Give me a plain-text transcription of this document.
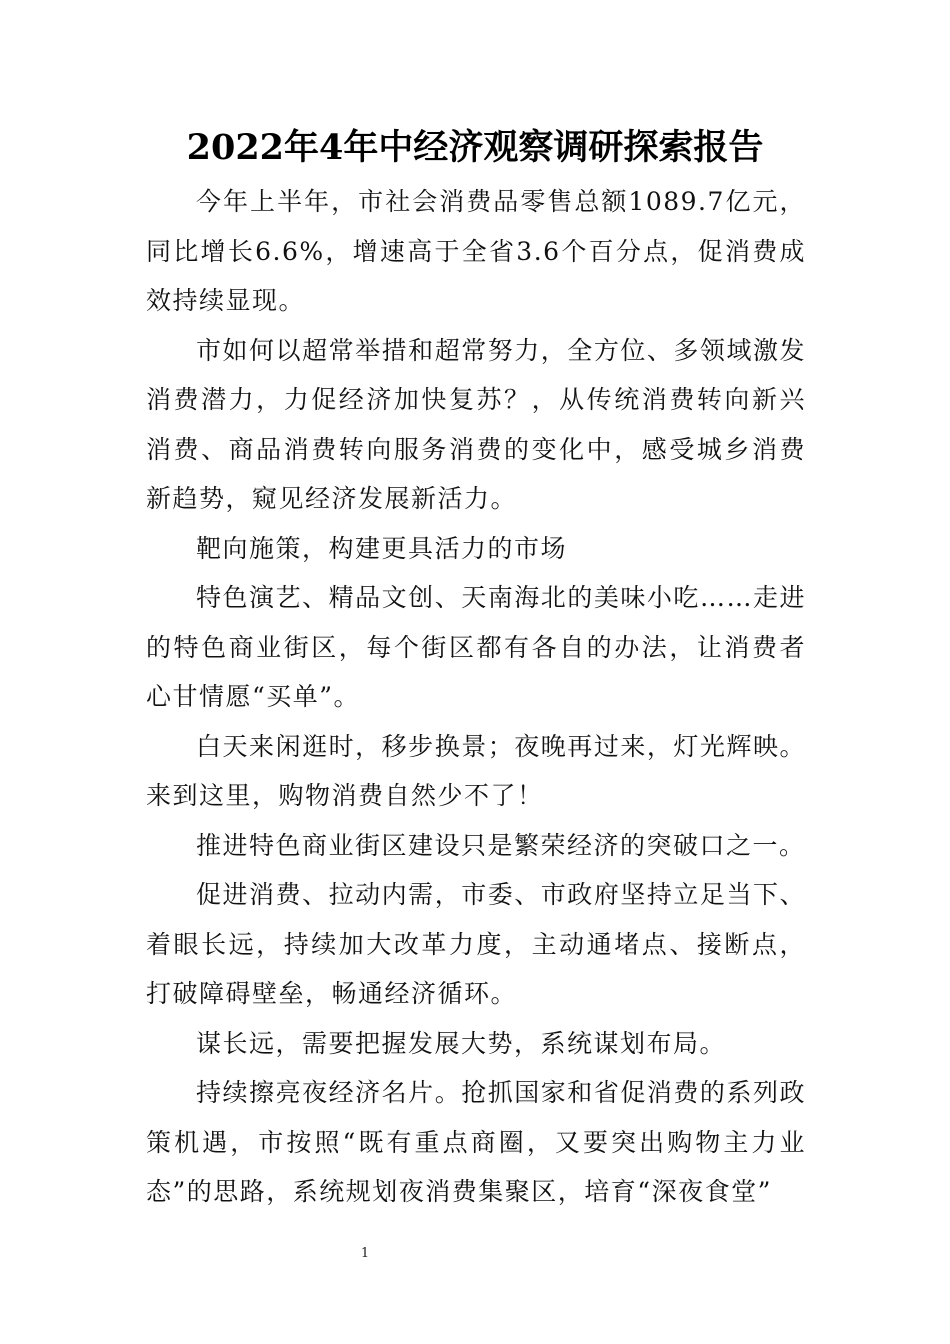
2022年4年中经济观察调研探索报告

今年上半年，市社会消费品零售总额1089.7亿元，同比增长6.6%，增速高于全省3.6个百分点，促消费成效持续显现。

市如何以超常举措和超常努力，全方位、多领域激发消费潜力，力促经济加快复苏？，从传统消费转向新兴消费、商品消费转向服务消费的变化中，感受城乡消费新趋势，窥见经济发展新活力。

靶向施策，构建更具活力的市场

特色演艺、精品文创、天南海北的美味小吃……走进的特色商业街区，每个街区都有各自的办法，让消费者心甘情愿“买单”。

白天来闲逛时，移步换景；夜晚再过来，灯光辉映。来到这里，购物消费自然少不了！

推进特色商业街区建设只是繁荣经济的突破口之一。

促进消费、拉动内需，市委、市政府坚持立足当下、着眼长远，持续加大改革力度，主动通堵点、接断点，打破障碍壁垒，畅通经济循环。

谋长远，需要把握发展大势，系统谋划布局。

持续擦亮夜经济名片。抢抓国家和省促消费的系列政策机遇，市按照“既有重点商圈，又要突出购物主力业态”的思路，系统规划夜消费集聚区，培育“深夜食堂”

1
